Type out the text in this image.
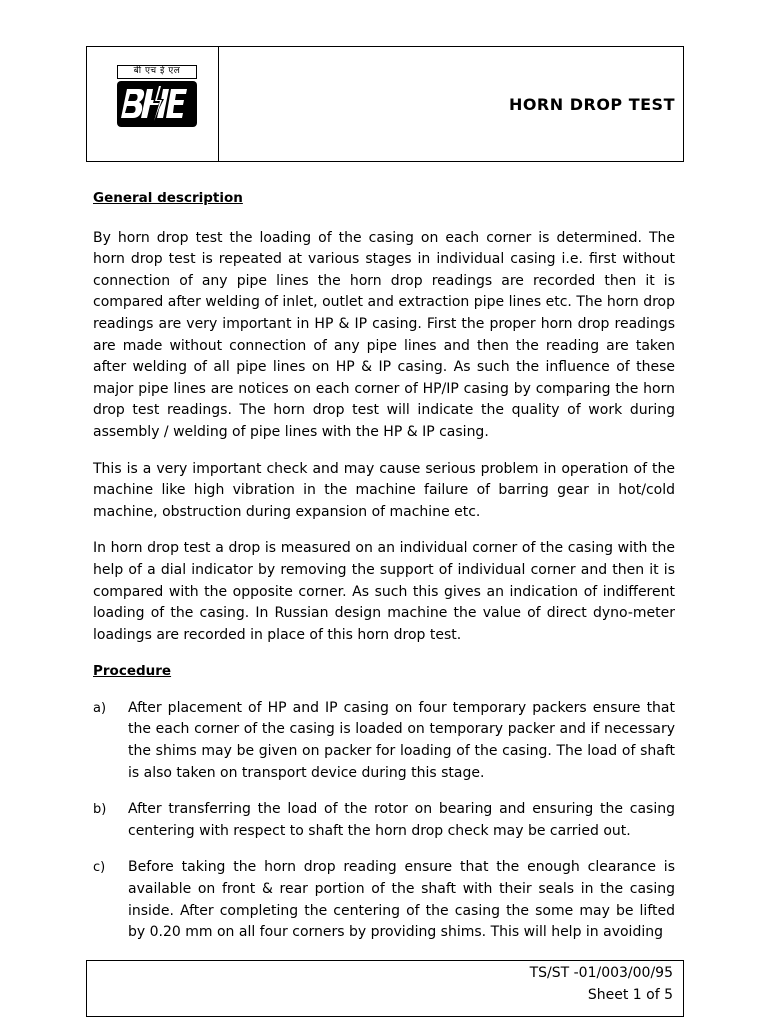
बी एच ई एल
HORN DROP TEST
General description

By horn drop test the loading of the casing on each corner is determined. The horn drop test is repeated at various stages in individual casing i.e. first without connection of any pipe lines the horn drop readings are recorded then it is compared after welding of inlet, outlet and extraction pipe lines etc. The horn drop readings are very important in HP & IP casing. First the proper horn drop readings are made without connection of any pipe lines and then the reading are taken after welding of all pipe lines on HP & IP casing. As such the influence of these major pipe lines are notices on each corner of HP/IP casing by comparing the horn drop test readings. The horn drop test will indicate the quality of work during assembly / welding of pipe lines with the HP & IP casing.

This is a very important check and may cause serious problem in operation of the machine like high vibration in the machine failure of barring gear in hot/cold machine, obstruction during expansion of machine etc.

In horn drop test a drop is measured on an individual corner of the casing with the help of a dial indicator by removing the support of individual corner and then it is compared with the opposite corner. As such this gives an indication of indifferent loading of the casing. In Russian design machine the value of direct dyno-meter loadings are recorded in place of this horn drop test.

Procedure
a) After placement of HP and IP casing on four temporary packers ensure that the each corner of the casing is loaded on temporary packer and if necessary the shims may be given on packer for loading of the casing. The load of shaft is also taken on transport device during this stage.
b) After transferring the load of the rotor on bearing and ensuring the casing centering with respect to shaft the horn drop check may be carried out.
c) Before taking the horn drop reading ensure that the enough clearance is available on front & rear portion of the shaft with their seals in the casing inside. After completing the centering of the casing the some may be lifted by 0.20 mm on all four corners by providing shims. This will help in avoiding
TS/ST -01/003/00/95
Sheet 1 of 5
